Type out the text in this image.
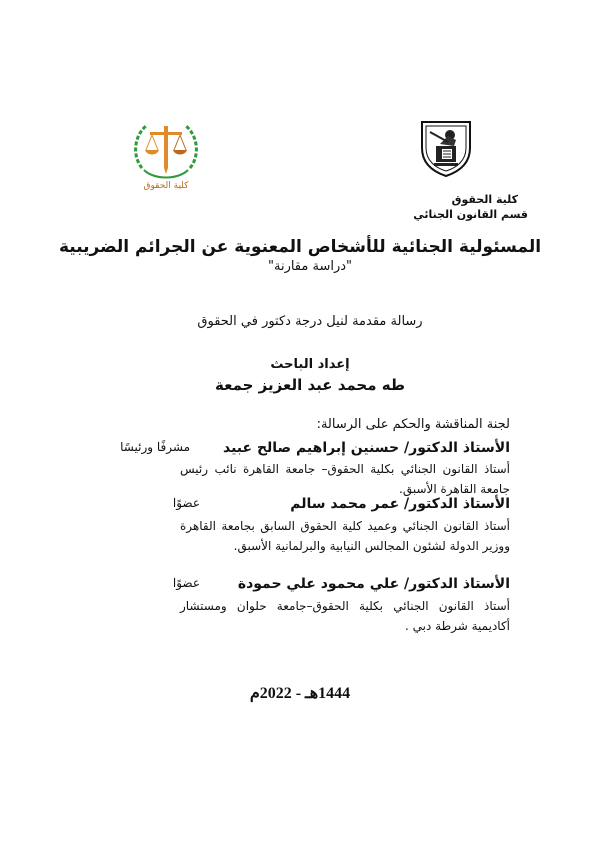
كلية الحقوق
كلية الحقوق
قسم القانون الجنائي
المسئولية الجنائية للأشخاص المعنوية عن الجرائم الضريبية
"دراسة مقارنة"
رسالة مقدمة لنيل درجة دكتور في الحقوق
إعداد الباحث
طه محمد عبد العزيز جمعة
لجنة المناقشة والحكم على الرسالة:
الأستاذ الدكتور/ حسنين إبراهيم صالح عبيد
مشرفًا ورئيسًا
أستاذ القانون الجنائي بكلية الحقوق– جامعة القاهرة نائب رئيس جامعة القاهرة الأسبق.
الأستاذ الدكتور/ عمر محمد سالم
عضوًا
أستاذ القانون الجنائي وعميد كلية الحقوق السابق بجامعة القاهرة ووزير الدولة لشئون المجالس النيابية والبرلمانية الأسبق.
الأستاذ الدكتور/ علي محمود علي حمودة
عضوًا
أستاذ القانون الجنائي بكلية الحقوق–جامعة حلوان ومستشار أكاديمية شرطة دبي .
1444هـ - 2022م
